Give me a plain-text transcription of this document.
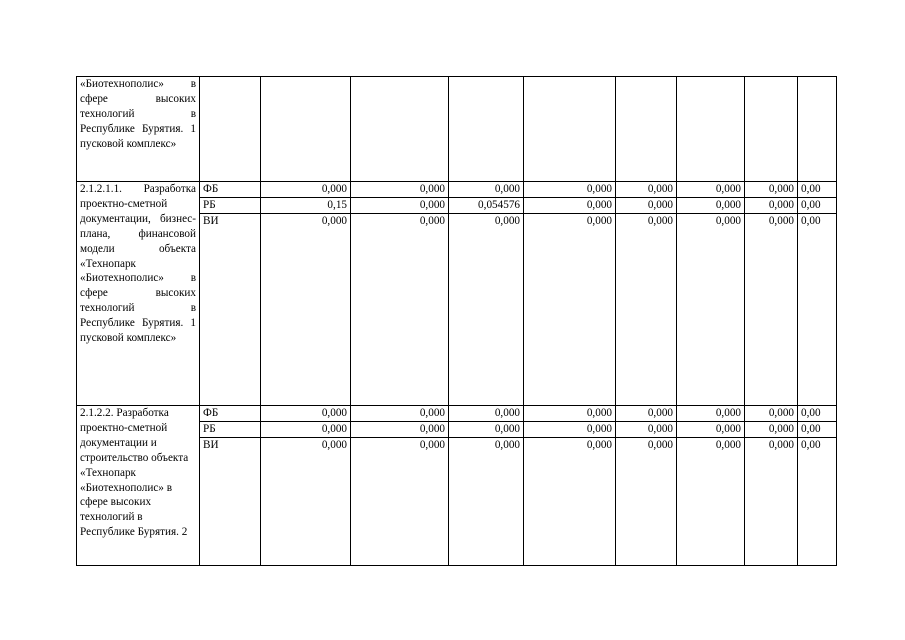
«Биотехнополис» в сфере высоких технологий в Республике Бурятия. 1 пусковой комплекс»									
2.1.2.1.1. Разработка проектно-сметной документации, бизнес-плана, финансовой модели объекта «Технопарк «Биотехнополис» в сфере высоких технологий в Республике Бурятия. 1 пусковой комплекс»	ФБ	0,000	0,000	0,000	0,000	0,000	0,000	0,000	0,00
	РБ	0,15	0,000	0,054576	0,000	0,000	0,000	0,000	0,00
	ВИ	0,000	0,000	0,000	0,000	0,000	0,000	0,000	0,00
2.1.2.2. Разработка проектно-сметной документации и строительство объекта «Технопарк «Биотехнополис» в сфере высоких технологий в Республике Бурятия. 2	ФБ	0,000	0,000	0,000	0,000	0,000	0,000	0,000	0,00
	РБ	0,000	0,000	0,000	0,000	0,000	0,000	0,000	0,00
	ВИ	0,000	0,000	0,000	0,000	0,000	0,000	0,000	0,00
